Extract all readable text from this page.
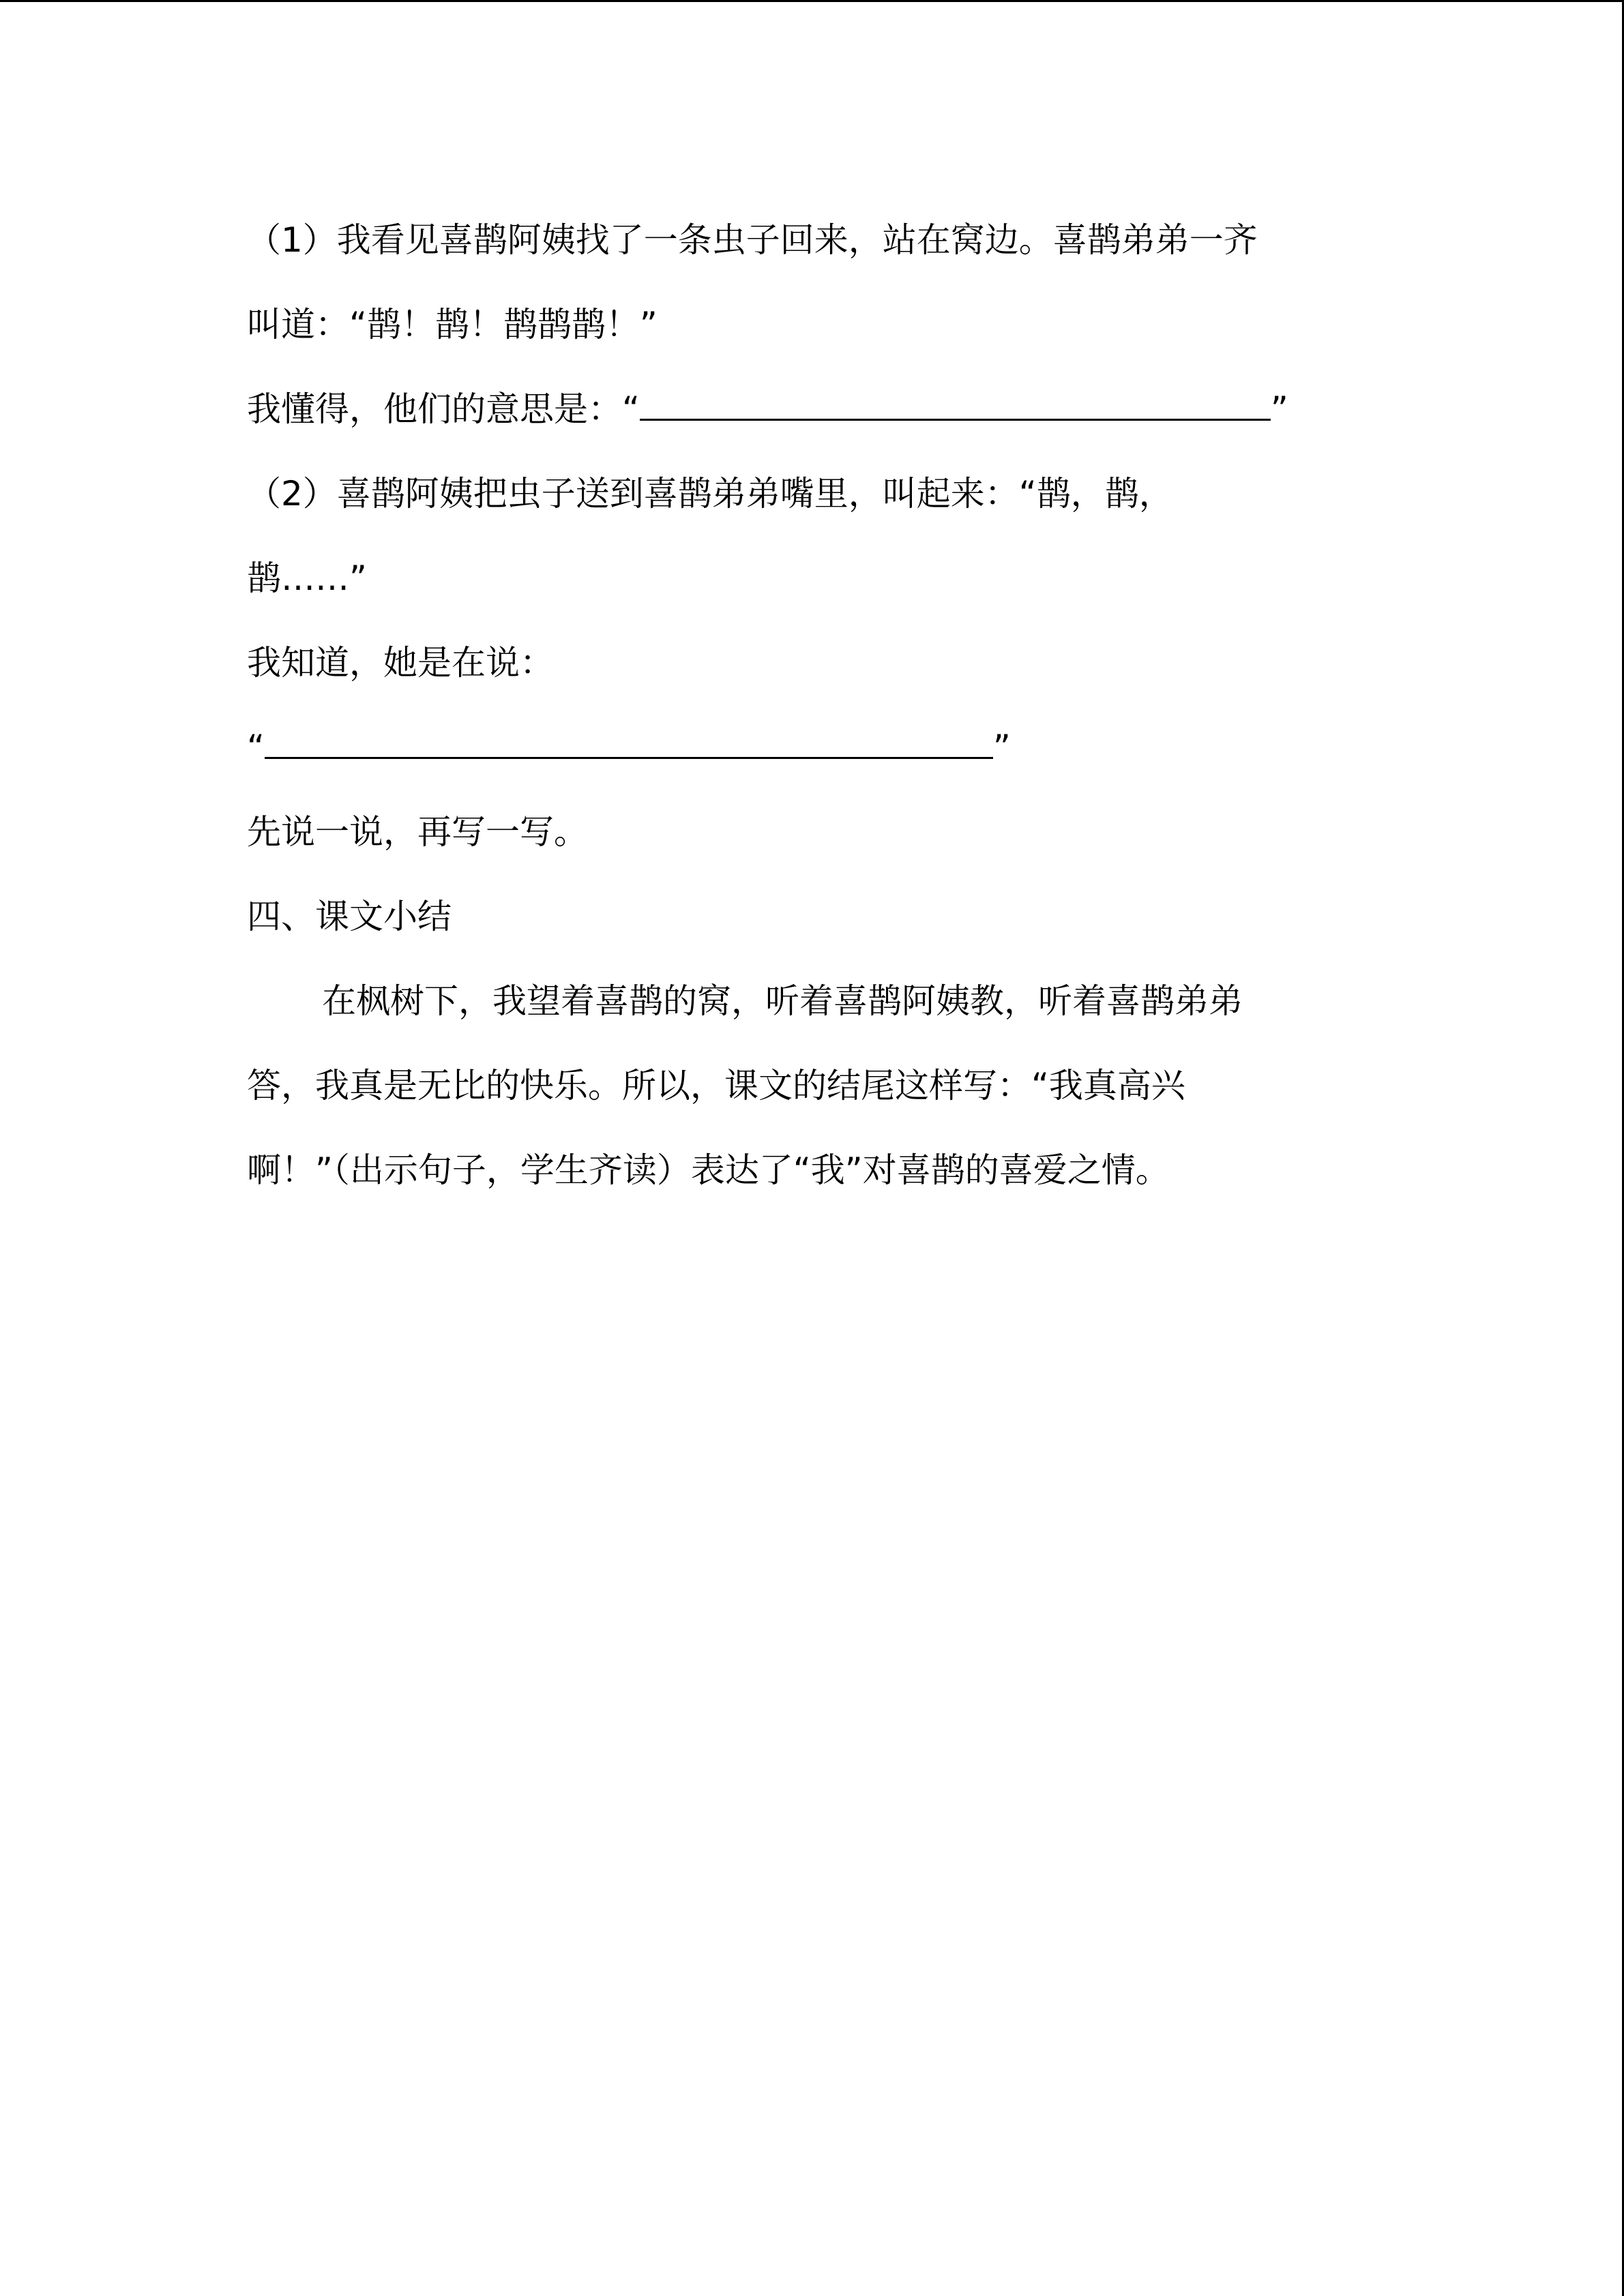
（1）我看见喜鹊阿姨找了一条虫子回来，站在窝边。喜鹊弟弟一齐
叫道：“鹊！鹊！鹊鹊鹊！”
我懂得，他们的意思是：“	”
（2）喜鹊阿姨把虫子送到喜鹊弟弟嘴里，叫起来：“鹊，鹊，
鹊……”
我知道，她是在说：
“	”
先说一说，再写一写。
四、课文小结
在枫树下，我望着喜鹊的窝，听着喜鹊阿姨教，听着喜鹊弟弟
答，我真是无比的快乐。所以，课文的结尾这样写：“我真高兴
啊！”（出示句子，学生齐读）表达了“我”对喜鹊的喜爱之情。
